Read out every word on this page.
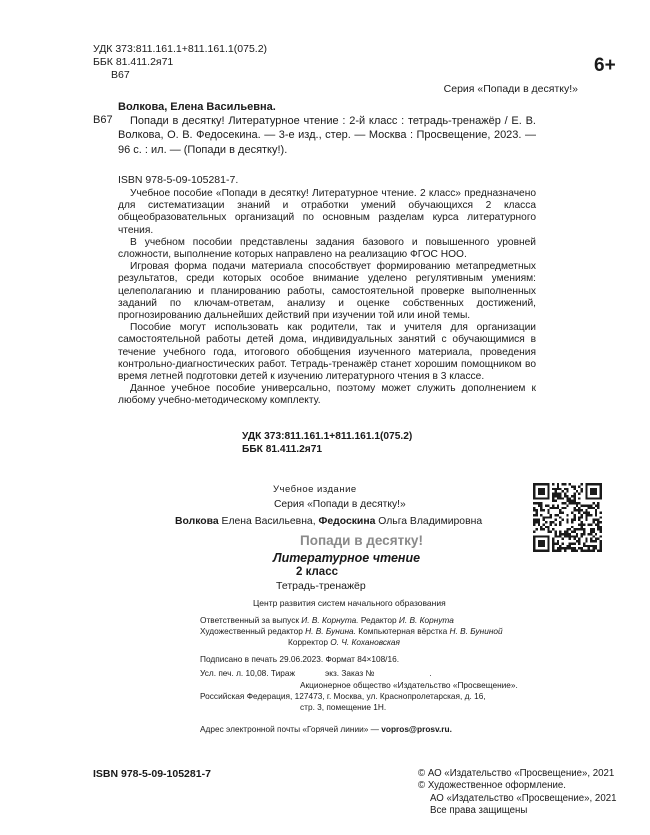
УДК 373:811.161.1+811.161.1(075.2)
ББК 81.411.2я71
В67	6+
Серия «Попади в десятку!»
Волкова, Елена Васильевна.
В67	Попади в десятку! Литературное чтение : 2-й класс : тетрадь-тренажёр / Е. В. Волкова, О. В. Федосекина. — 3-е изд., стер. — Москва : Просвещение, 2023. — 96 с. : ил. — (Попади в десятку!).
ISBN 978-5-09-105281-7.

Учебное пособие «Попади в десятку! Литературное чтение. 2 класс» предназначено для систематизации знаний и отработки умений обучающихся 2 класса общеобразовательных организаций по основным разделам курса литературного чтения.

В учебном пособии представлены задания базового и повышенного уровней сложности, выполнение которых направлено на реализацию ФГОС НОО.

Игровая форма подачи материала способствует формированию метапредметных результатов, среди которых особое внимание уделено регулятивным умениям: целеполаганию и планированию работы, самостоятельной проверке выполненных заданий по ключам-ответам, анализу и оценке собственных достижений, прогнозированию дальнейших действий при изучении той или иной темы.

Пособие могут использовать как родители, так и учителя для организации самостоятельной работы детей дома, индивидуальных занятий с обучающимися в течение учебного года, итогового обобщения изученного материала, проведения контрольно-диагностических работ. Тетрадь-тренажёр станет хорошим помощником во время летней подготовки детей к изучению литературного чтения в 3 классе.

Данное учебное пособие универсально, поэтому может служить дополнением к любому учебно-методическому комплекту.

УДК 373:811.161.1+811.161.1(075.2)
ББК 81.411.2я71
Учебное издание
Серия «Попади в десятку!»
Волкова Елена Васильевна, Федоскина Ольга Владимировна
Попади в десятку!
Литературное чтение
2 класс
Тетрадь-тренажёр
Центр развития систем начального образования
Ответственный за выпуск И. В. Корнута. Редактор И. В. Корнута
Художественный редактор Н. В. Бунина. Компьютерная вёрстка Н. В. Буниной
Корректор О. Ч. Кохановская
Подписано в печать 29.06.2023. Формат 84×108/16.
Усл. печ. л. 10,08. Тираж	экз. Заказ №	.
Акционерное общество «Издательство «Просвещение».
Российская Федерация, 127473, г. Москва, ул. Краснопролетарская, д. 16,
стр. 3, помещение 1Н.
Адрес электронной почты «Горячей линии» — vopros@prosv.ru.
ISBN 978-5-09-105281-7	© АО «Издательство «Просвещение», 2021
© Художественное оформление.
АО «Издательство «Просвещение», 2021
Все права защищены
